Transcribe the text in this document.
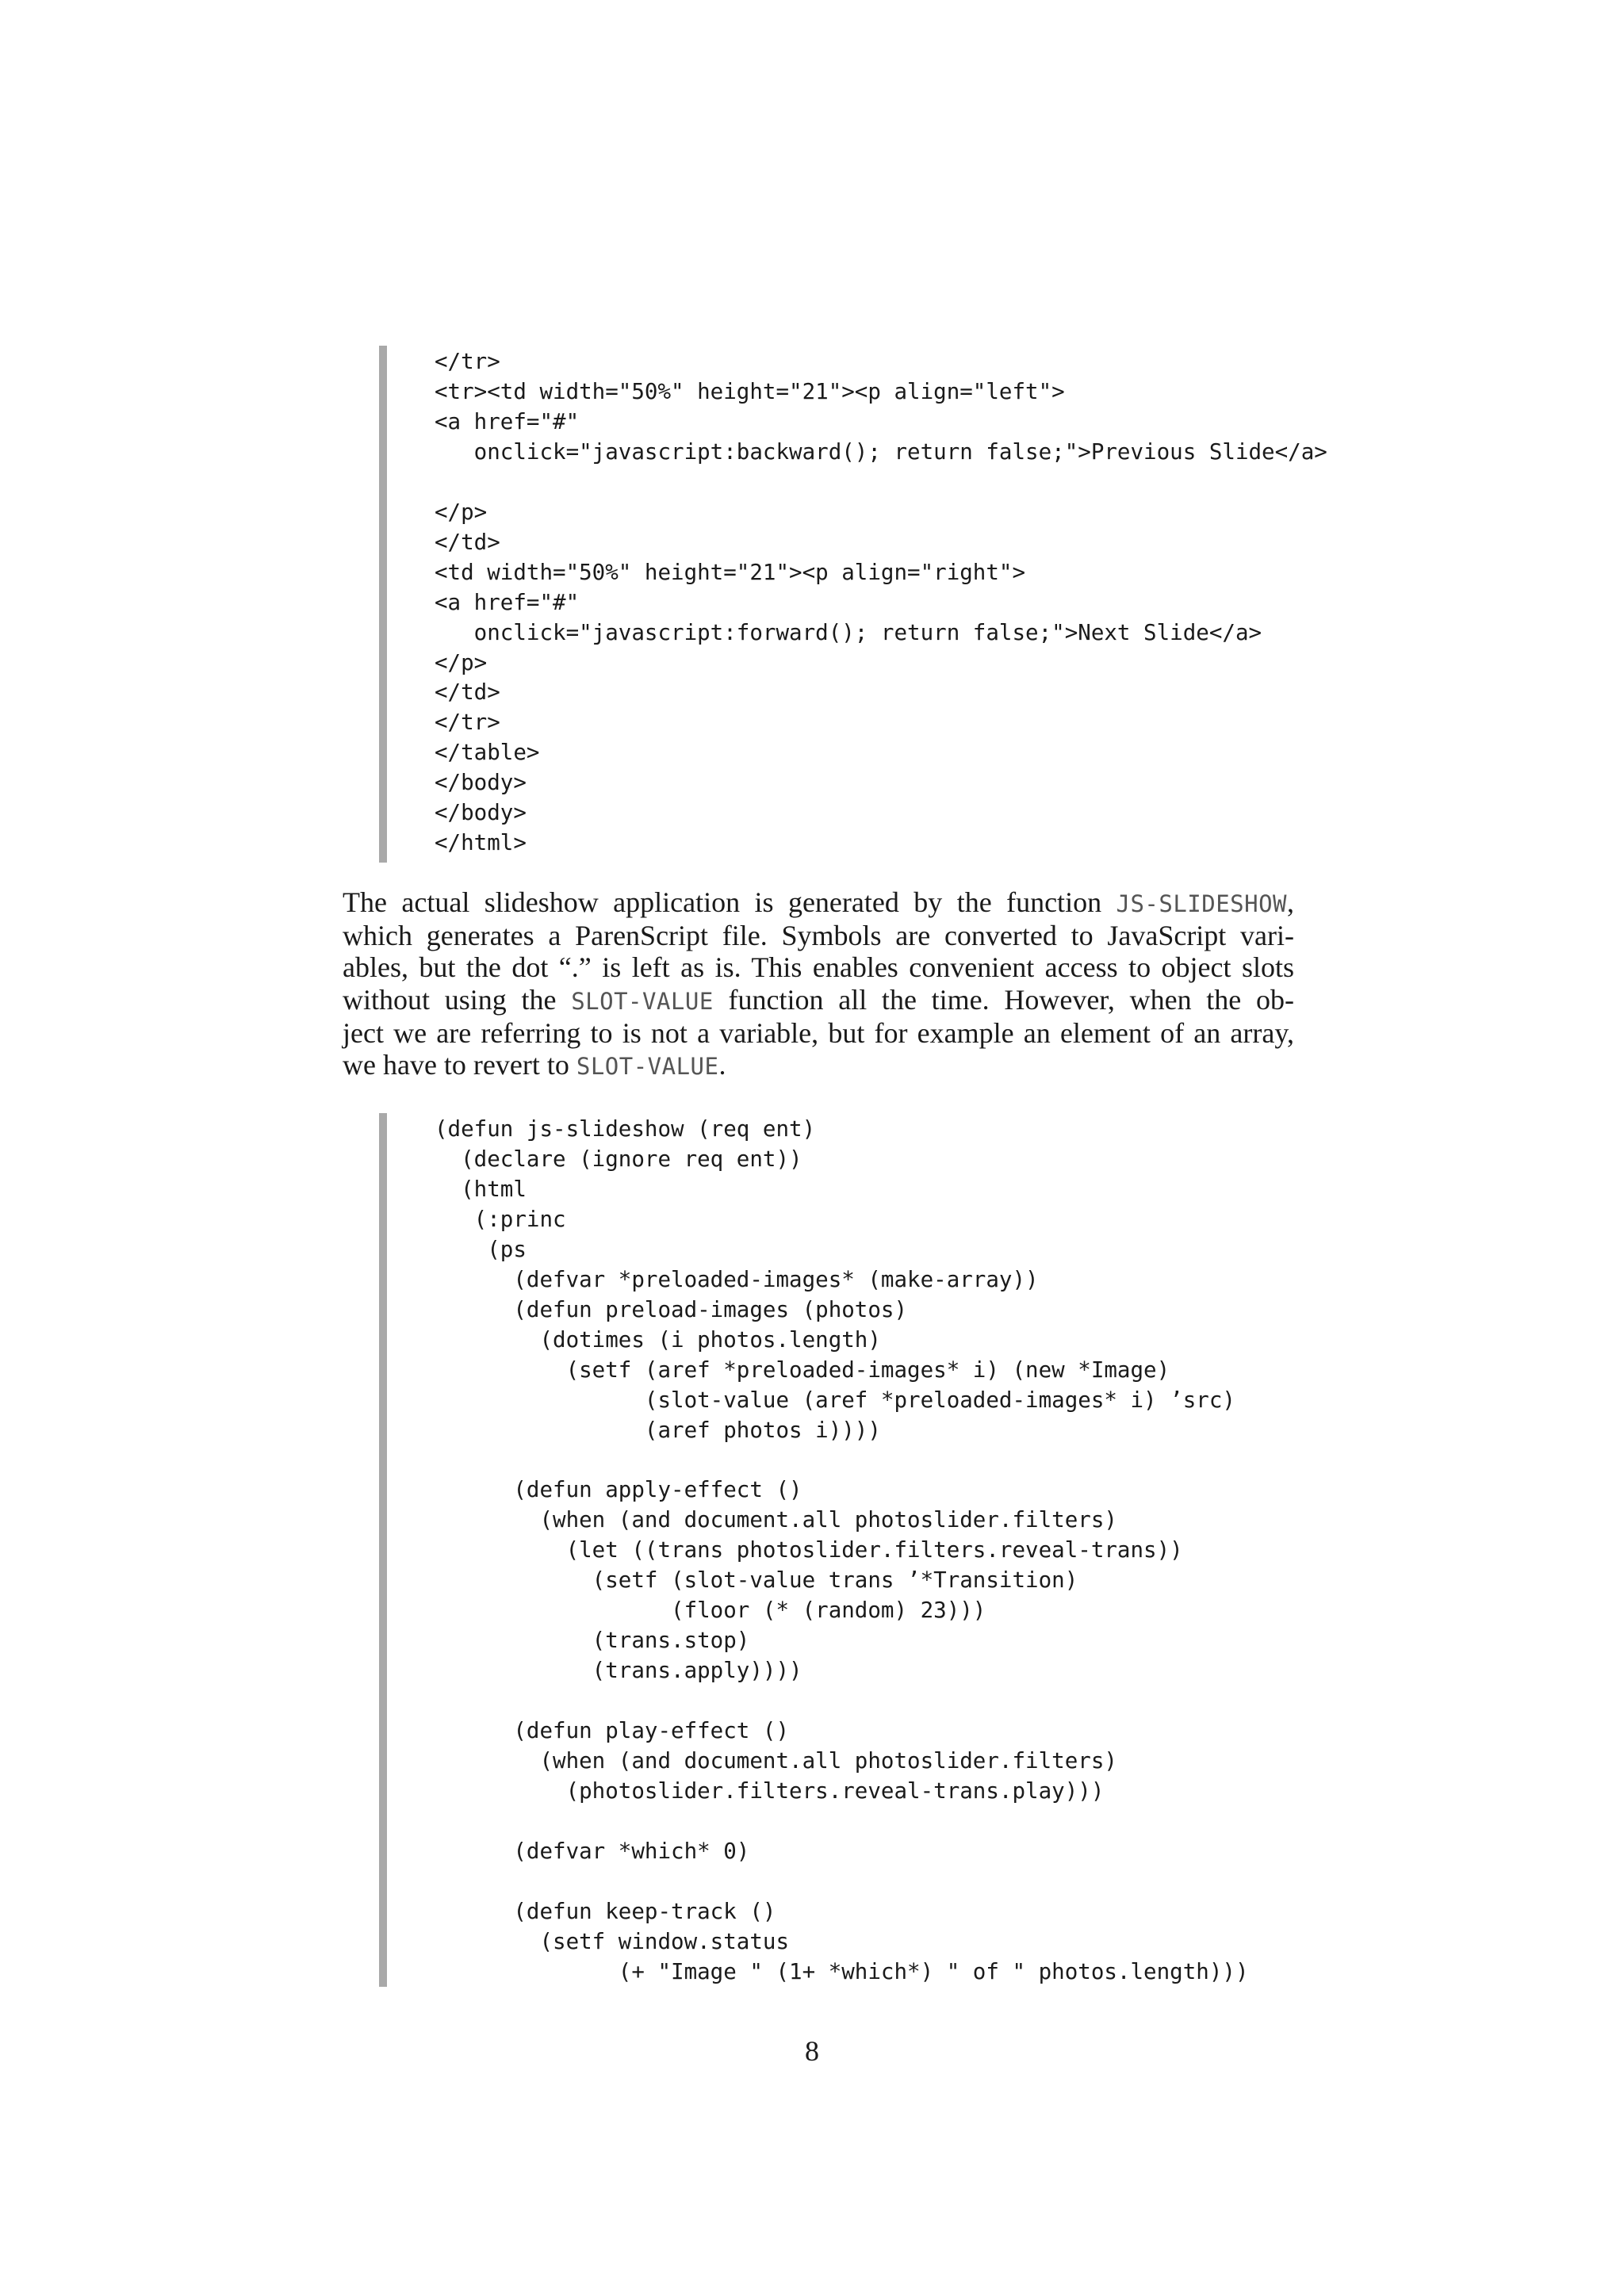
</tr>
<tr><td width="50%" height="21"><p align="left">
<a href="#"
onclick="javascript:backward(); return false;">Previous Slide</a>

</p>
</td>
<td width="50%" height="21"><p align="right">
<a href="#"
onclick="javascript:forward(); return false;">Next Slide</a>
</p>
</td>
</tr>
</table>
</body>
</body>
</html>
The actual slideshow application is generated by the function JS-SLIDESHOW,
which generates a ParenScript file. Symbols are converted to JavaScript vari-
ables, but the dot “.” is left as is. This enables convenient access to object slots
without using the SLOT-VALUE function all the time. However, when the ob-
ject we are referring to is not a variable, but for example an element of an array,
we have to revert to SLOT-VALUE.
(defun js-slideshow (req ent)
(declare (ignore req ent))
(html
(:princ
(ps
(defvar *preloaded-images* (make-array))
(defun preload-images (photos)
(dotimes (i photos.length)
(setf (aref *preloaded-images* i) (new *Image)
(slot-value (aref *preloaded-images* i) ’src)
(aref photos i))))

(defun apply-effect ()
(when (and document.all photoslider.filters)
(let ((trans photoslider.filters.reveal-trans))
(setf (slot-value trans ’*Transition)
(floor (* (random) 23)))
(trans.stop)
(trans.apply))))

(defun play-effect ()
(when (and document.all photoslider.filters)
(photoslider.filters.reveal-trans.play)))

(defvar *which* 0)

(defun keep-track ()
(setf window.status
(+ "Image " (1+ *which*) " of " photos.length)))
8
